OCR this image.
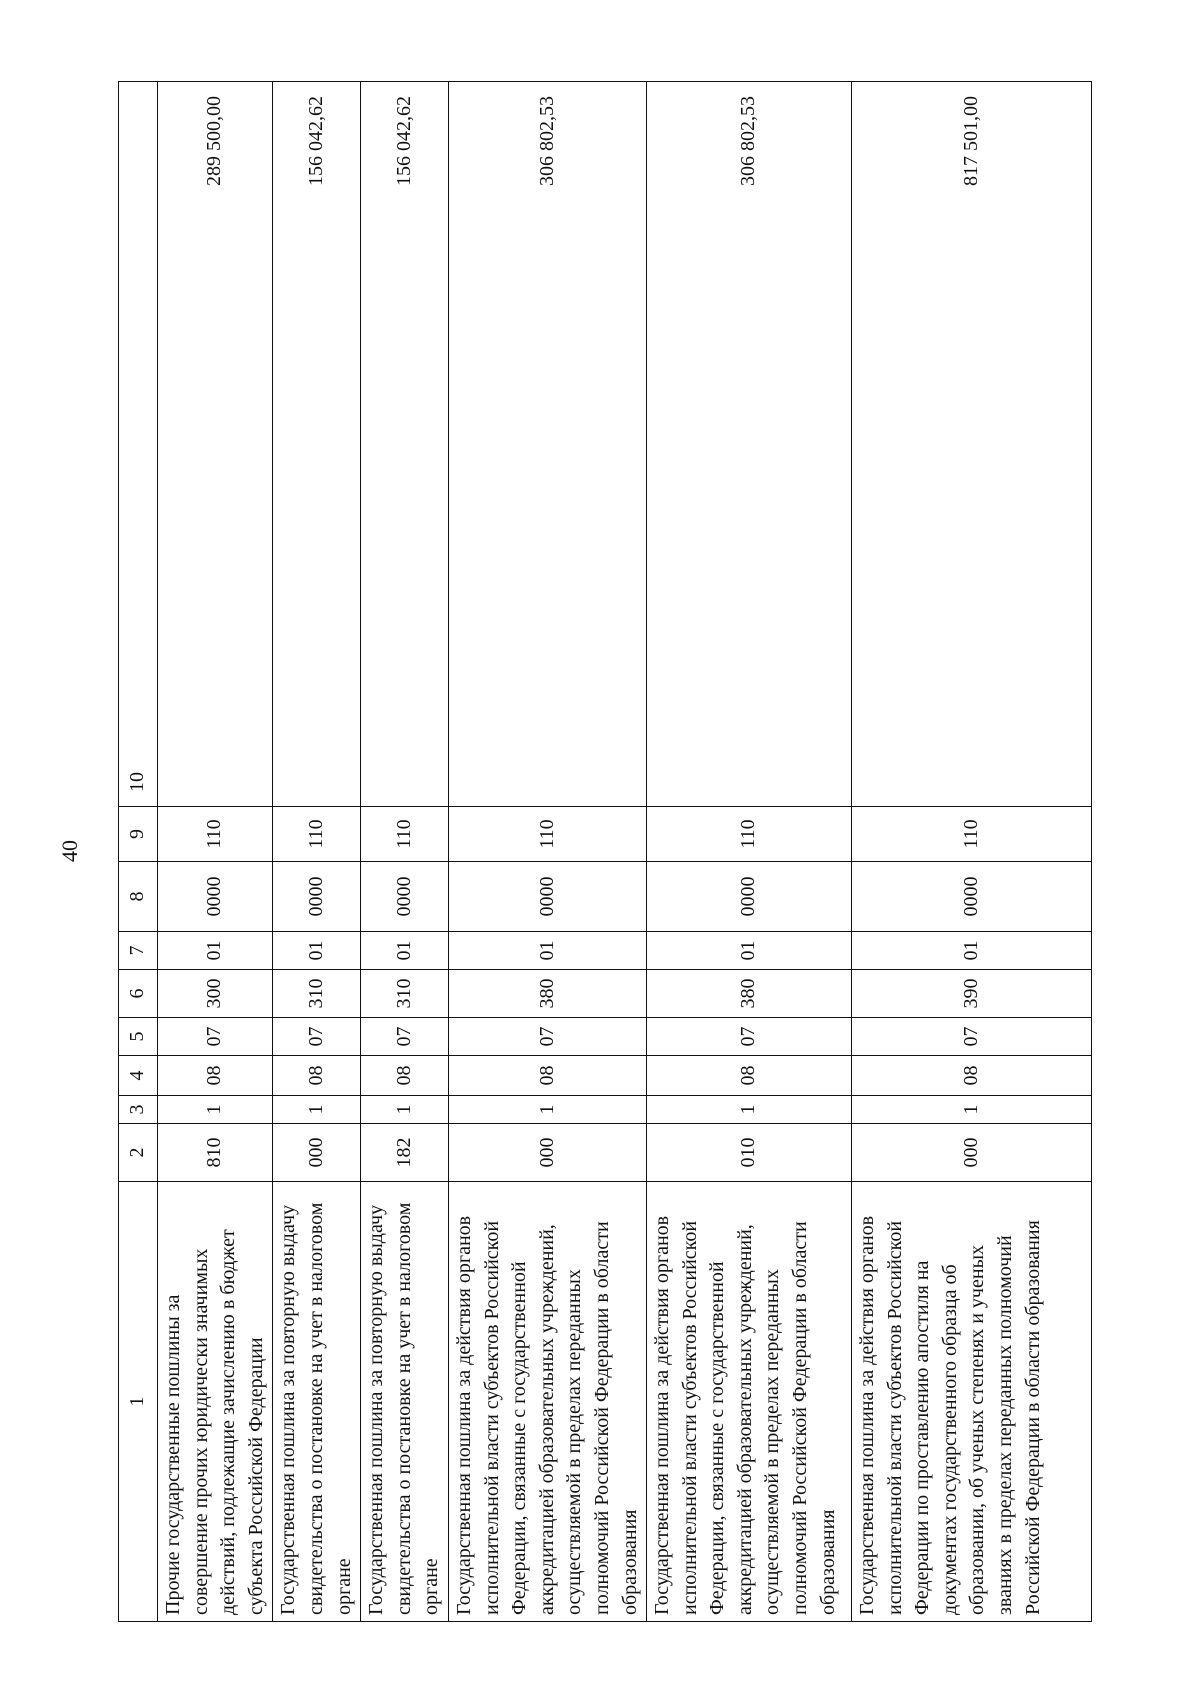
40
1	2	3	4	5	6	7	8	9	10
Прочие государственные пошлины за совершение прочих юридически значимых действий, подлежащие зачислению в бюджет субъекта Российской Федерации	810	1	08	07	300	01	0000	110	289 500,00
Государственная пошлина за повторную выдачу свидетельства о постановке на учет в налоговом органе	000	1	08	07	310	01	0000	110	156 042,62
Государственная пошлина за повторную выдачу свидетельства о постановке на учет в налоговом органе	182	1	08	07	310	01	0000	110	156 042,62
Государственная пошлина за действия органов исполнительной власти субъектов Российской Федерации, связанные с государственной аккредитацией образовательных учреждений, осуществляемой в пределах переданных полномочий Российской Федерации в области образования	000	1	08	07	380	01	0000	110	306 802,53
Государственная пошлина за действия органов исполнительной власти субъектов Российской Федерации, связанные с государственной аккредитацией образовательных учреждений, осуществляемой в пределах переданных полномочий Российской Федерации в области образования	010	1	08	07	380	01	0000	110	306 802,53
Государственная пошлина за действия органов исполнительной власти субъектов Российской Федерации по проставлению апостиля на документах государственного образца об образовании, об ученых степенях и ученых званиях в пределах переданных полномочий Российской Федерации в области образования	000	1	08	07	390	01	0000	110	817 501,00
